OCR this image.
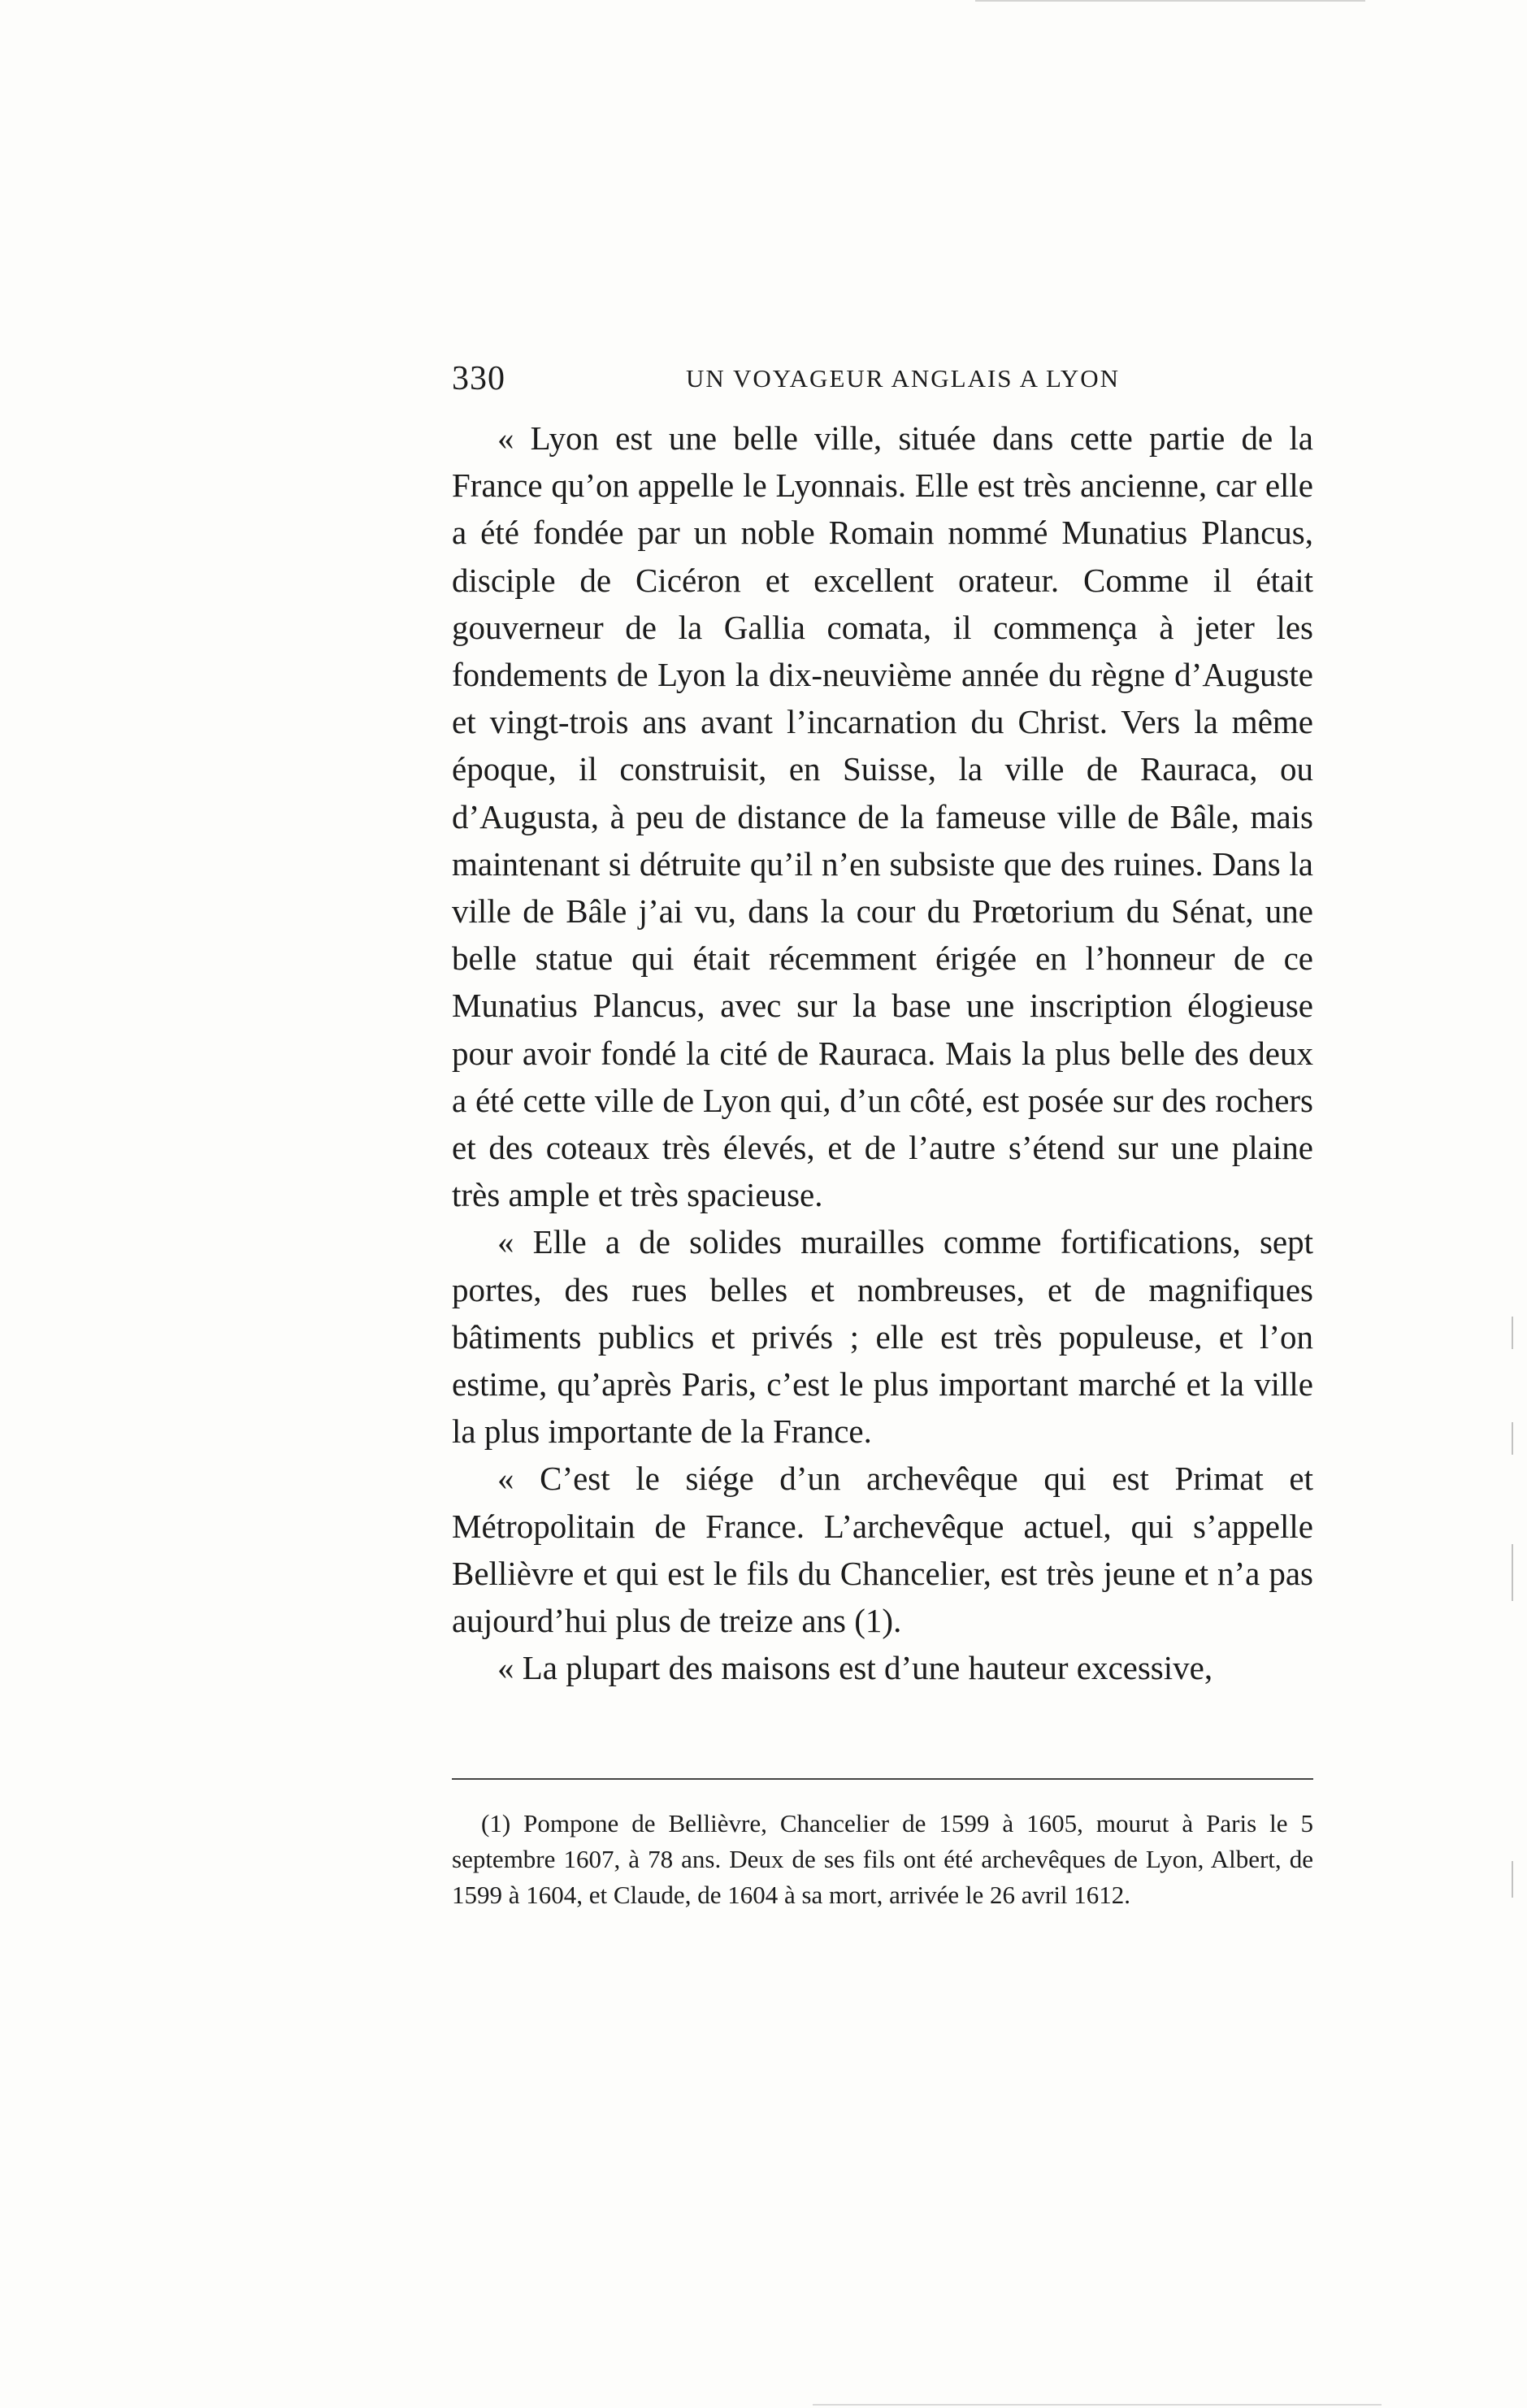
330	UN VOYAGEUR ANGLAIS A LYON

« Lyon est une belle ville, située dans cette partie de la France qu’on appelle le Lyonnais. Elle est très ancienne, car elle a été fondée par un noble Romain nommé Munatius Plancus, disciple de Cicéron et excellent orateur. Comme il était gouverneur de la Gallia comata, il commença à jeter les fondements de Lyon la dix-neuvième année du règne d’Auguste et vingt-trois ans avant l’incarnation du Christ. Vers la même époque, il construisit, en Suisse, la ville de Rauraca, ou d’Augusta, à peu de distance de la fameuse ville de Bâle, mais maintenant si détruite qu’il n’en subsiste que des ruines. Dans la ville de Bâle j’ai vu, dans la cour du Prœtorium du Sénat, une belle statue qui était récemment érigée en l’honneur de ce Munatius Plancus, avec sur la base une inscription élogieuse pour avoir fondé la cité de Rauraca. Mais la plus belle des deux a été cette ville de Lyon qui, d’un côté, est posée sur des rochers et des coteaux très élevés, et de l’autre s’étend sur une plaine très ample et très spacieuse.

« Elle a de solides murailles comme fortifications, sept portes, des rues belles et nombreuses, et de magnifiques bâtiments publics et privés ; elle est très populeuse, et l’on estime, qu’après Paris, c’est le plus important marché et la ville la plus importante de la France.

« C’est le siége d’un archevêque qui est Primat et Métropolitain de France. L’archevêque actuel, qui s’appelle Bellièvre et qui est le fils du Chancelier, est très jeune et n’a pas aujourd’hui plus de treize ans (1).

« La plupart des maisons est d’une hauteur excessive,

(1) Pompone de Bellièvre, Chancelier de 1599 à 1605, mourut à Paris le 5 septembre 1607, à 78 ans. Deux de ses fils ont été archevêques de Lyon, Albert, de 1599 à 1604, et Claude, de 1604 à sa mort, arrivée le 26 avril 1612.
